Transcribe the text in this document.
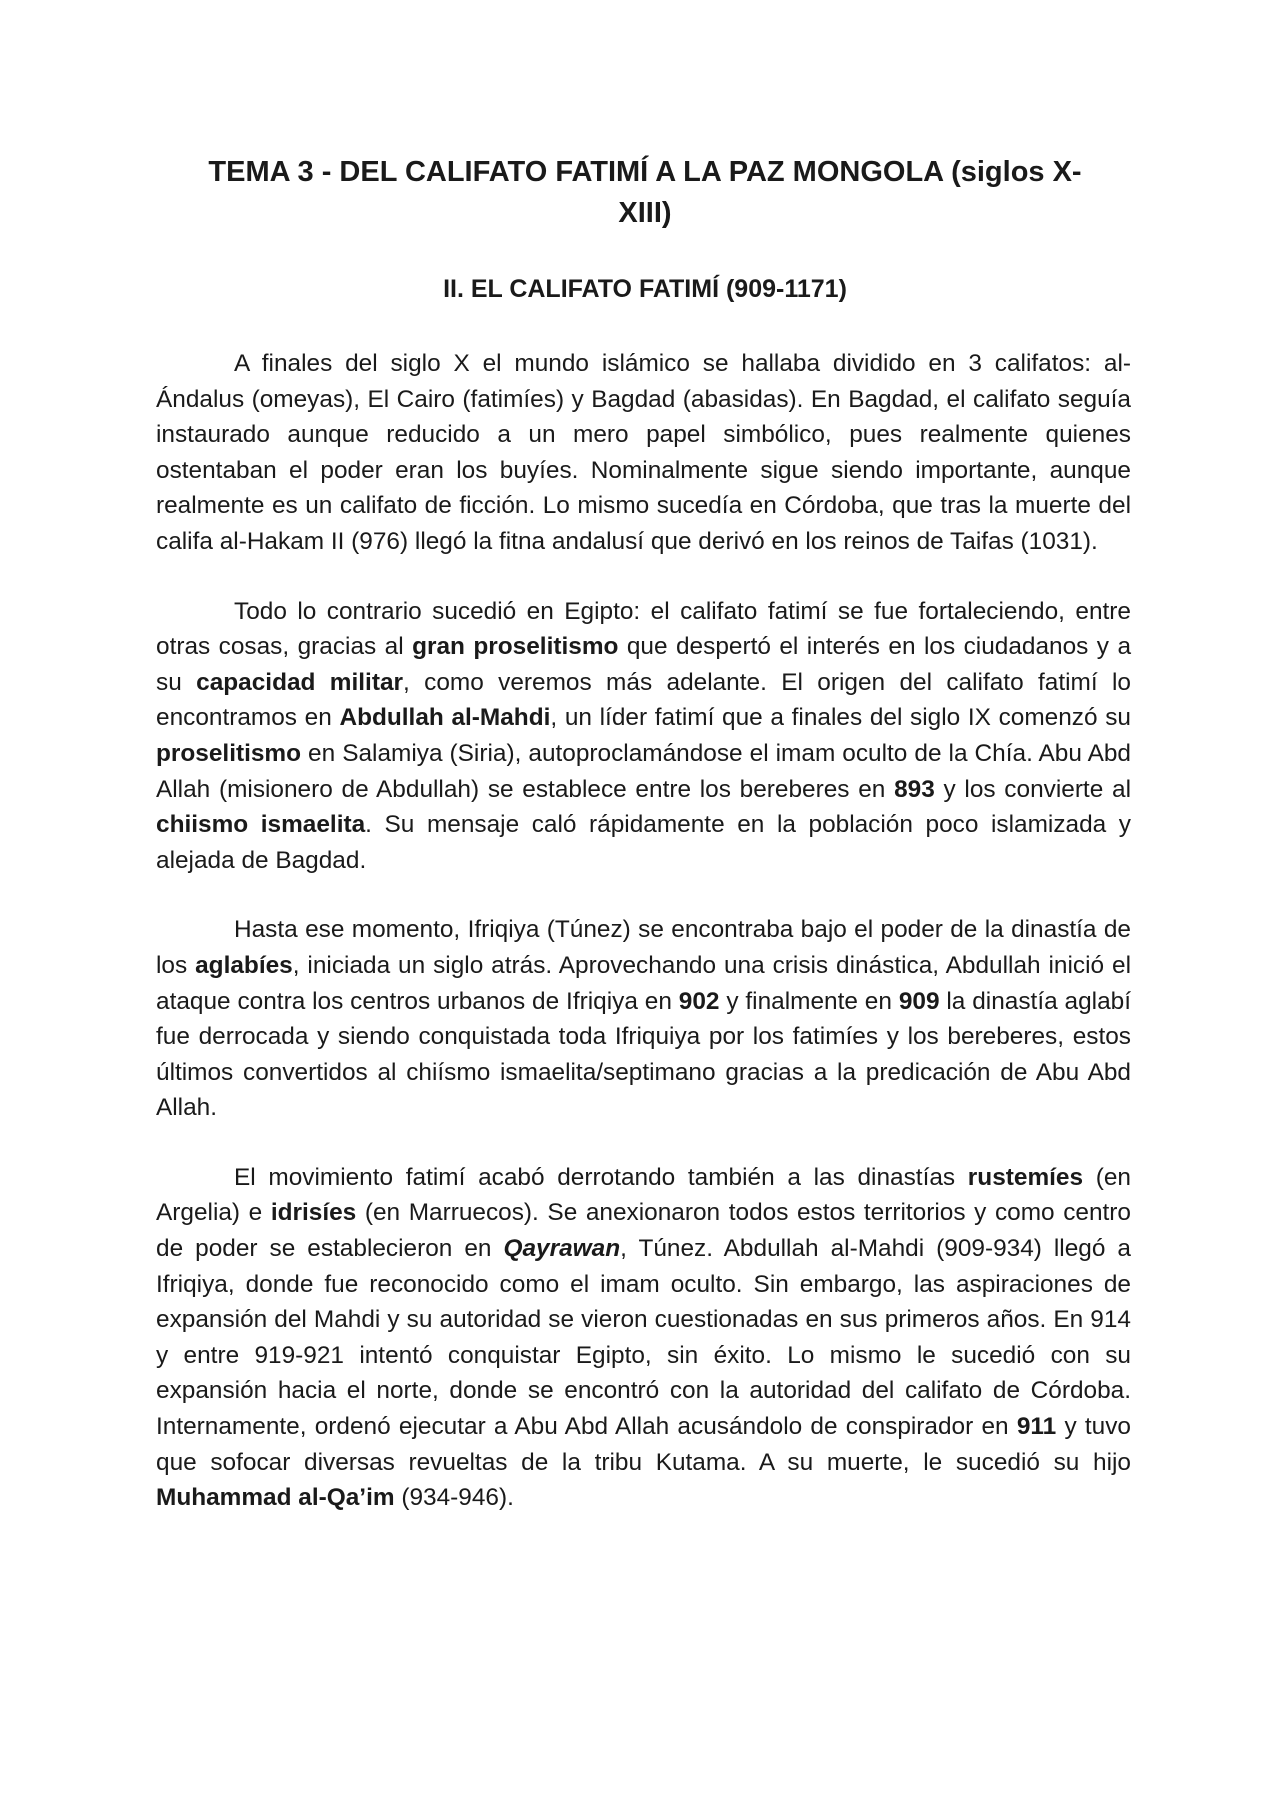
TEMA 3 - DEL CALIFATO FATIMÍ A LA PAZ MONGOLA (siglos X-XIII)
II. EL CALIFATO FATIMÍ (909-1171)

A finales del siglo X el mundo islámico se hallaba dividido en 3 califatos: al-Ándalus (omeyas), El Cairo (fatimíes) y Bagdad (abasidas). En Bagdad, el califato seguía instaurado aunque reducido a un mero papel simbólico, pues realmente quienes ostentaban el poder eran los buyíes. Nominalmente sigue siendo importante, aunque realmente es un califato de ficción. Lo mismo sucedía en Córdoba, que tras la muerte del califa al-Hakam II (976) llegó la fitna andalusí que derivó en los reinos de Taifas (1031).

Todo lo contrario sucedió en Egipto: el califato fatimí se fue fortaleciendo, entre otras cosas, gracias al gran proselitismo que despertó el interés en los ciudadanos y a su capacidad militar, como veremos más adelante. El origen del califato fatimí lo encontramos en Abdullah al-Mahdi, un líder fatimí que a finales del siglo IX comenzó su proselitismo en Salamiya (Siria), autoproclamándose el imam oculto de la Chía. Abu Abd Allah (misionero de Abdullah) se establece entre los bereberes en 893 y los convierte al chiismo ismaelita. Su mensaje caló rápidamente en la población poco islamizada y alejada de Bagdad.

Hasta ese momento, Ifriqiya (Túnez) se encontraba bajo el poder de la dinastía de los aglabíes, iniciada un siglo atrás. Aprovechando una crisis dinástica, Abdullah inició el ataque contra los centros urbanos de Ifriqiya en 902 y finalmente en 909 la dinastía aglabí fue derrocada y siendo conquistada toda Ifriquiya por los fatimíes y los bereberes, estos últimos convertidos al chiísmo ismaelita/septimano gracias a la predicación de Abu Abd Allah.

El movimiento fatimí acabó derrotando también a las dinastías rustemíes (en Argelia) e idrisíes (en Marruecos). Se anexionaron todos estos territorios y como centro de poder se establecieron en Qayrawan, Túnez. Abdullah al-Mahdi (909-934) llegó a Ifriqiya, donde fue reconocido como el imam oculto. Sin embargo, las aspiraciones de expansión del Mahdi y su autoridad se vieron cuestionadas en sus primeros años. En 914 y entre 919-921 intentó conquistar Egipto, sin éxito. Lo mismo le sucedió con su expansión hacia el norte, donde se encontró con la autoridad del califato de Córdoba. Internamente, ordenó ejecutar a Abu Abd Allah acusándolo de conspirador en 911 y tuvo que sofocar diversas revueltas de la tribu Kutama. A su muerte, le sucedió su hijo Muhammad al-Qa’im (934-946).
